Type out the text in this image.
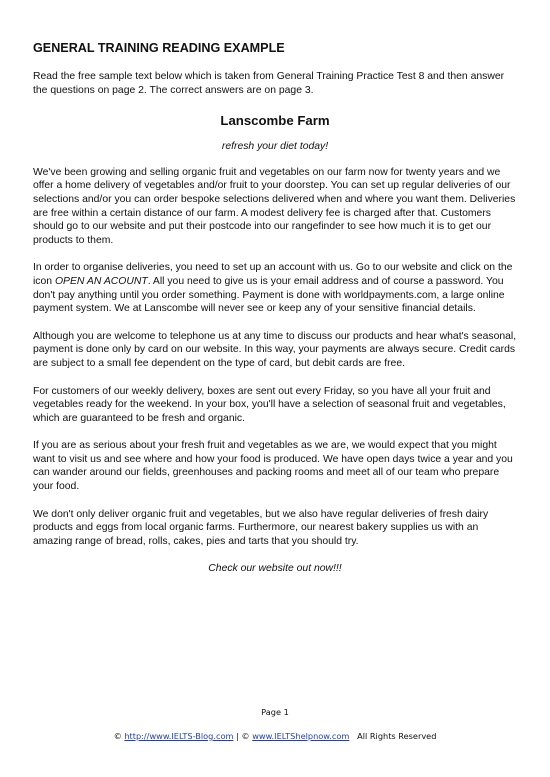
GENERAL TRAINING READING EXAMPLE

Read the free sample text below which is taken from General Training Practice Test 8 and then answer the questions on page 2. The correct answers are on page 3.

Lanscombe Farm
refresh your diet today!

We've been growing and selling organic fruit and vegetables on our farm now for twenty years and we offer a home delivery of vegetables and/or fruit to your doorstep. You can set up regular deliveries of our selections and/or you can order bespoke selections delivered when and where you want them. Deliveries are free within a certain distance of our farm. A modest delivery fee is charged after that. Customers should go to our website and put their postcode into our rangefinder to see how much it is to get our products to them.

In order to organise deliveries, you need to set up an account with us. Go to our website and click on the icon OPEN AN ACOUNT. All you need to give us is your email address and of course a password. You don't pay anything until you order something. Payment is done with worldpayments.com, a large online payment system. We at Lanscombe will never see or keep any of your sensitive financial details.

Although you are welcome to telephone us at any time to discuss our products and hear what's seasonal, payment is done only by card on our website. In this way, your payments are always secure. Credit cards are subject to a small fee dependent on the type of card, but debit cards are free.

For customers of our weekly delivery, boxes are sent out every Friday, so you have all your fruit and vegetables ready for the weekend. In your box, you'll have a selection of seasonal fruit and vegetables, which are guaranteed to be fresh and organic.

If you are as serious about your fresh fruit and vegetables as we are, we would expect that you might want to visit us and see where and how your food is produced. We have open days twice a year and you can wander around our fields, greenhouses and packing rooms and meet all of our team who prepare your food.

We don't only deliver organic fruit and vegetables, but we also have regular deliveries of fresh dairy products and eggs from local organic farms. Furthermore, our nearest bakery supplies us with an amazing range of bread, rolls, cakes, pies and tarts that you should try.

Check our website out now!!!

Page 1
© http://www.IELTS-Blog.com | © www.IELTShelpnow.com   All Rights Reserved
